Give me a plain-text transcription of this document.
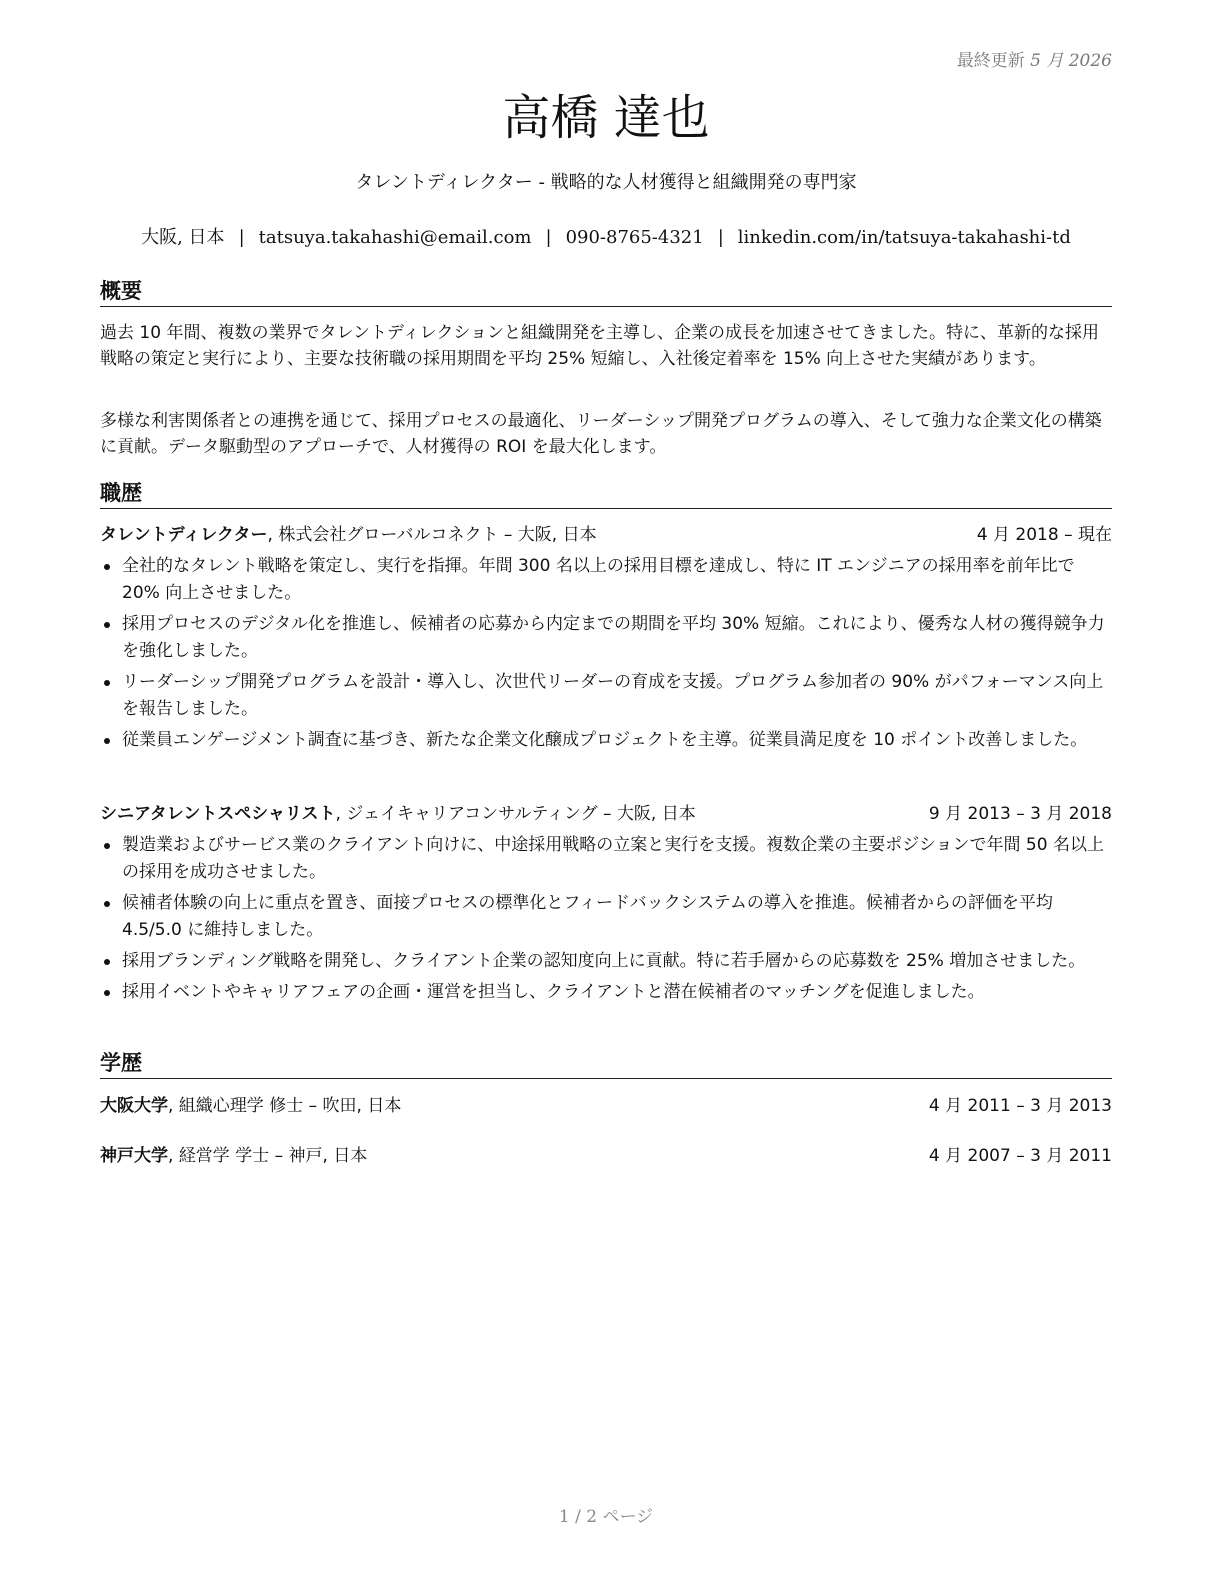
最終更新 5 月 2026
高橋 達也
タレントディレクター - 戦略的な人材獲得と組織開発の専門家
大阪, 日本 | tatsuya.takahashi@email.com | 090-8765-4321 | linkedin.com/in/tatsuya-takahashi-td
概要
過去 10 年間、複数の業界でタレントディレクションと組織開発を主導し、企業の成長を加速させてきました。特に、革新的な採用戦略の策定と実行により、主要な技術職の採用期間を平均 25% 短縮し、入社後定着率を 15% 向上させた実績があります。
多様な利害関係者との連携を通じて、採用プロセスの最適化、リーダーシップ開発プログラムの導入、そして強力な企業文化の構築に貢献。データ駆動型のアプローチで、人材獲得の ROI を最大化します。
職歴
タレントディレクター, 株式会社グローバルコネクト – 大阪, 日本	4 月 2018 – 現在
全社的なタレント戦略を策定し、実行を指揮。年間 300 名以上の採用目標を達成し、特に IT エンジニアの採用率を前年比で 20% 向上させました。
採用プロセスのデジタル化を推進し、候補者の応募から内定までの期間を平均 30% 短縮。これにより、優秀な人材の獲得競争力を強化しました。
リーダーシップ開発プログラムを設計・導入し、次世代リーダーの育成を支援。プログラム参加者の 90% がパフォーマンス向上を報告しました。
従業員エンゲージメント調査に基づき、新たな企業文化醸成プロジェクトを主導。従業員満足度を 10 ポイント改善しました。
シニアタレントスペシャリスト, ジェイキャリアコンサルティング – 大阪, 日本	9 月 2013 – 3 月 2018
製造業およびサービス業のクライアント向けに、中途採用戦略の立案と実行を支援。複数企業の主要ポジションで年間 50 名以上の採用を成功させました。
候補者体験の向上に重点を置き、面接プロセスの標準化とフィードバックシステムの導入を推進。候補者からの評価を平均 4.5/5.0 に維持しました。
採用ブランディング戦略を開発し、クライアント企業の認知度向上に貢献。特に若手層からの応募数を 25% 増加させました。
採用イベントやキャリアフェアの企画・運営を担当し、クライアントと潜在候補者のマッチングを促進しました。
学歴
大阪大学, 組織心理学 修士 – 吹田, 日本	4 月 2011 – 3 月 2013
神戸大学, 経営学 学士 – 神戸, 日本	4 月 2007 – 3 月 2011
1 / 2 ページ
